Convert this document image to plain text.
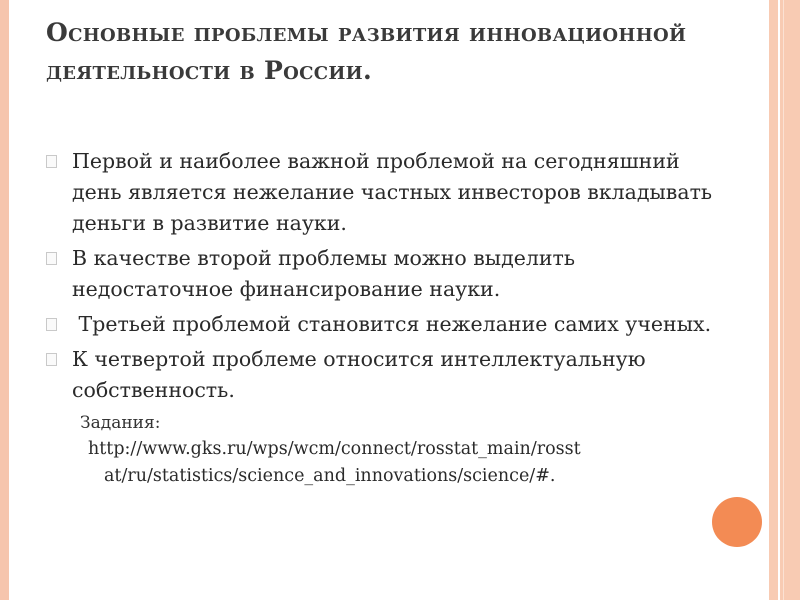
Основные проблемы развития инновационной
деятельности в России.
Первой и наиболее важной проблемой на сегодняшний день является нежелание частных инвесторов вкладывать деньги в развитие науки.
В качестве второй проблемы можно выделить недостаточное финансирование науки.
Третьей проблемой становится нежелание самих ученых.
К четвертой проблеме относится интеллектуальную собственность.
Задания:
http://www.gks.ru/wps/wcm/connect/rosstat_main/rosst
at/ru/statistics/science_and_innovations/science/#.
